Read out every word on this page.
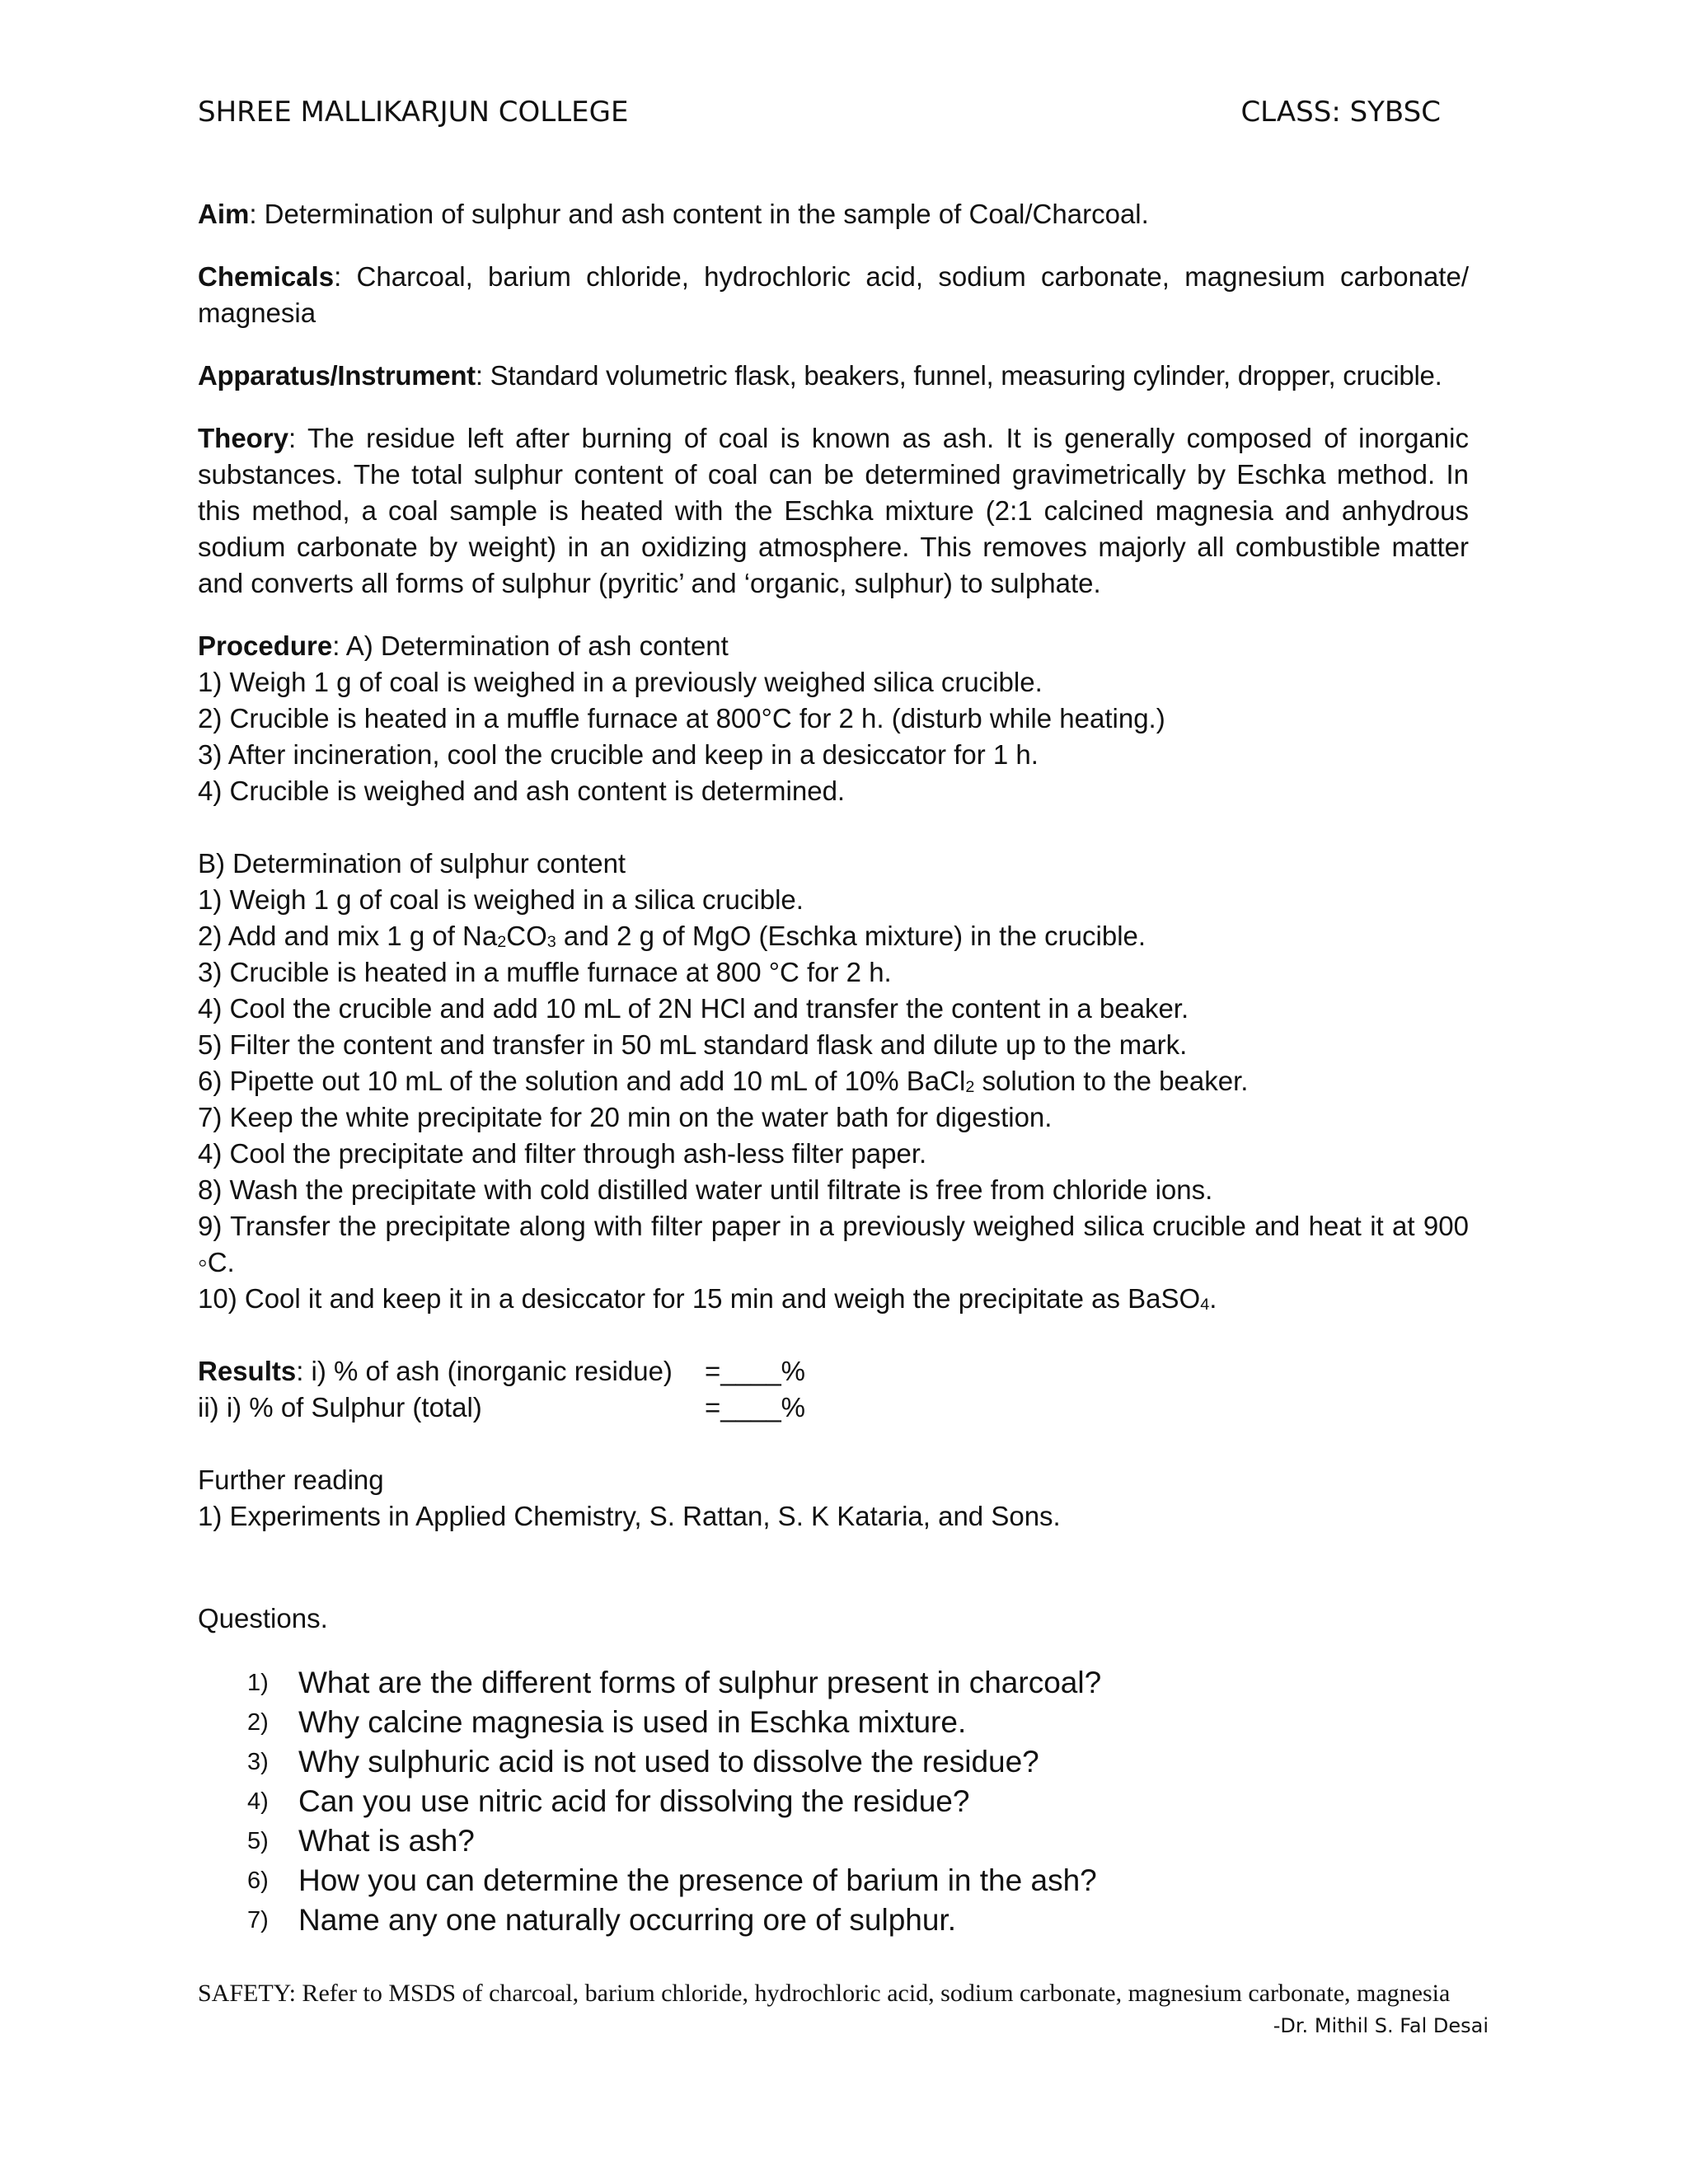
SHREE MALLIKARJUN COLLEGE	CLASS: SYBSC

Aim: Determination of sulphur and ash content in the sample of Coal/Charcoal.

Chemicals: Charcoal, barium chloride, hydrochloric acid, sodium carbonate, magnesium carbonate/ magnesia

Apparatus/Instrument: Standard volumetric flask, beakers, funnel, measuring cylinder, dropper, crucible.

Theory: The residue left after burning of coal is known as ash. It is generally composed of inorganic substances. The total sulphur content of coal can be determined gravimetrically by Eschka method. In this method, a coal sample is heated with the Eschka mixture (2:1 calcined magnesia and anhydrous sodium carbonate by weight) in an oxidizing atmosphere. This removes majorly all combustible matter and converts all forms of sulphur (pyritic’ and ‘organic, sulphur) to sulphate.

Procedure: A) Determination of ash content

1) Weigh 1 g of coal is weighed in a previously weighed silica crucible.

2) Crucible is heated in a muffle furnace at 800°C for 2 h. (disturb while heating.)

3) After incineration, cool the crucible and keep in a desiccator for 1 h.

4) Crucible is weighed and ash content is determined.

B) Determination of sulphur content

1) Weigh 1 g of coal is weighed in a silica crucible.

2) Add and mix 1 g of $Na_2CO_3$ and 2 g of MgO (Eschka mixture) in the crucible.

3) Crucible is heated in a muffle furnace at 800 °C for 2 h.

4) Cool the crucible and add 10 mL of 2N HCl and transfer the content in a beaker.

5) Filter the content and transfer in 50 mL standard flask and dilute up to the mark.

6) Pipette out 10 mL of the solution and add 10 mL of 10% BaCl$_2$ solution to the beaker.

7) Keep the white precipitate for 20 min on the water bath for digestion.

4) Cool the precipitate and filter through ash-less filter paper.

8) Wash the precipitate with cold distilled water until filtrate is free from chloride ions.

9) Transfer the precipitate along with filter paper in a previously weighed silica crucible and heat it at 900 ◦C.

10) Cool it and keep it in a desiccator for 15 min and weigh the precipitate as BaSO$_4$.

Results: i) % of ash (inorganic residue)	=____%
ii) i) % of Sulphur (total)	=____%

Further reading

1) Experiments in Applied Chemistry, S. Rattan, S. K Kataria, and Sons.

Questions.

1) What are the different forms of sulphur present in charcoal?
2) Why calcine magnesia is used in Eschka mixture.
3) Why sulphuric acid is not used to dissolve the residue?
4) Can you use nitric acid for dissolving the residue?
5) What is ash?
6) How you can determine the presence of barium in the ash?
7) Name any one naturally occurring ore of sulphur.
SAFETY: Refer to MSDS of charcoal, barium chloride, hydrochloric acid, sodium carbonate, magnesium carbonate, magnesia
-Dr. Mithil S. Fal Desai
